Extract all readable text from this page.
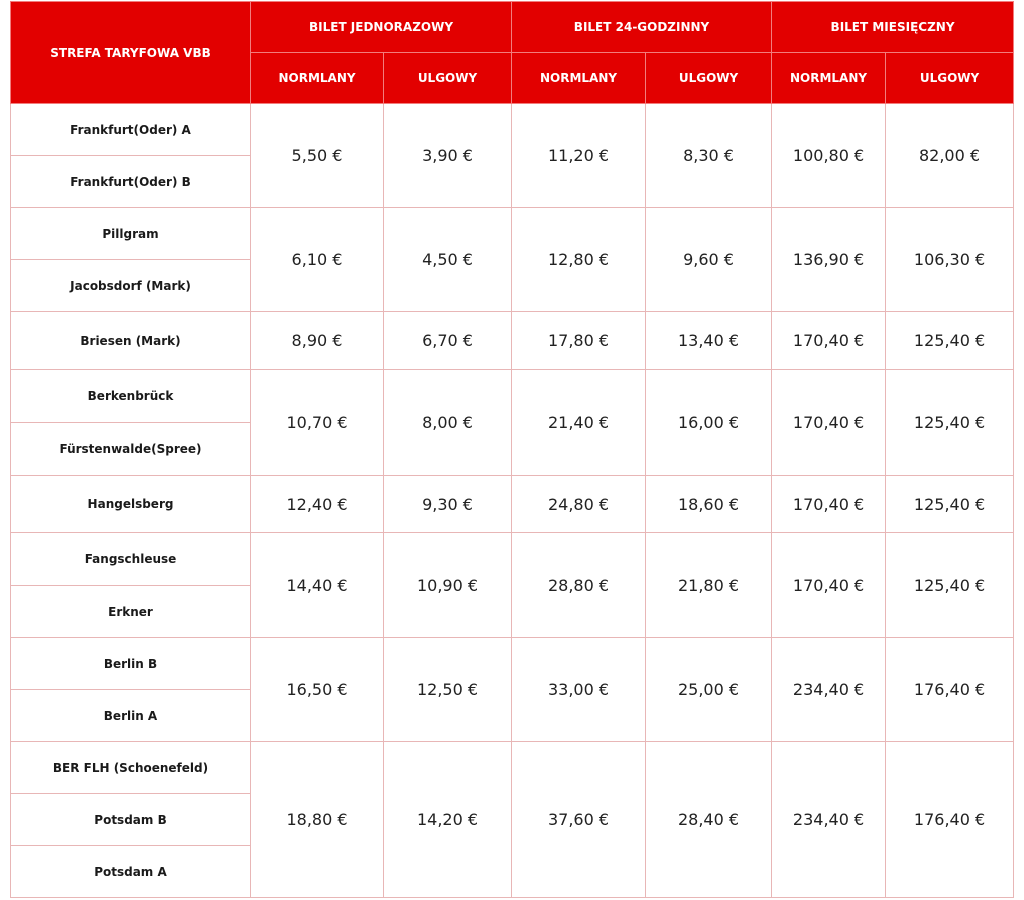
STREFA TARYFOWA VBB	BILET JEDNORAZOWY		BILET 24-GODZINNY		BILET MIESIĘCZNY	
	NORMLANY	ULGOWY	NORMLANY	ULGOWY	NORMLANY	ULGOWY
Frankfurt(Oder) A	5,50 €	3,90 €	11,20 €	8,30 €	100,80 €	82,00 €
Frankfurt(Oder) B						
Pillgram	6,10 €	4,50 €	12,80 €	9,60 €	136,90 €	106,30 €
Jacobsdorf (Mark)						
Briesen (Mark)	8,90 €	6,70 €	17,80 €	13,40 €	170,40 €	125,40 €
Berkenbrück	10,70 €	8,00 €	21,40 €	16,00 €	170,40 €	125,40 €
Fürstenwalde(Spree)						
Hangelsberg	12,40 €	9,30 €	24,80 €	18,60 €	170,40 €	125,40 €
Fangschleuse	14,40 €	10,90 €	28,80 €	21,80 €	170,40 €	125,40 €
Erkner						
Berlin B	16,50 €	12,50 €	33,00 €	25,00 €	234,40 €	176,40 €
Berlin A						
BER FLH (Schoenefeld)	18,80 €	14,20 €	37,60 €	28,40 €	234,40 €	176,40 €
Potsdam B						
Potsdam A						
